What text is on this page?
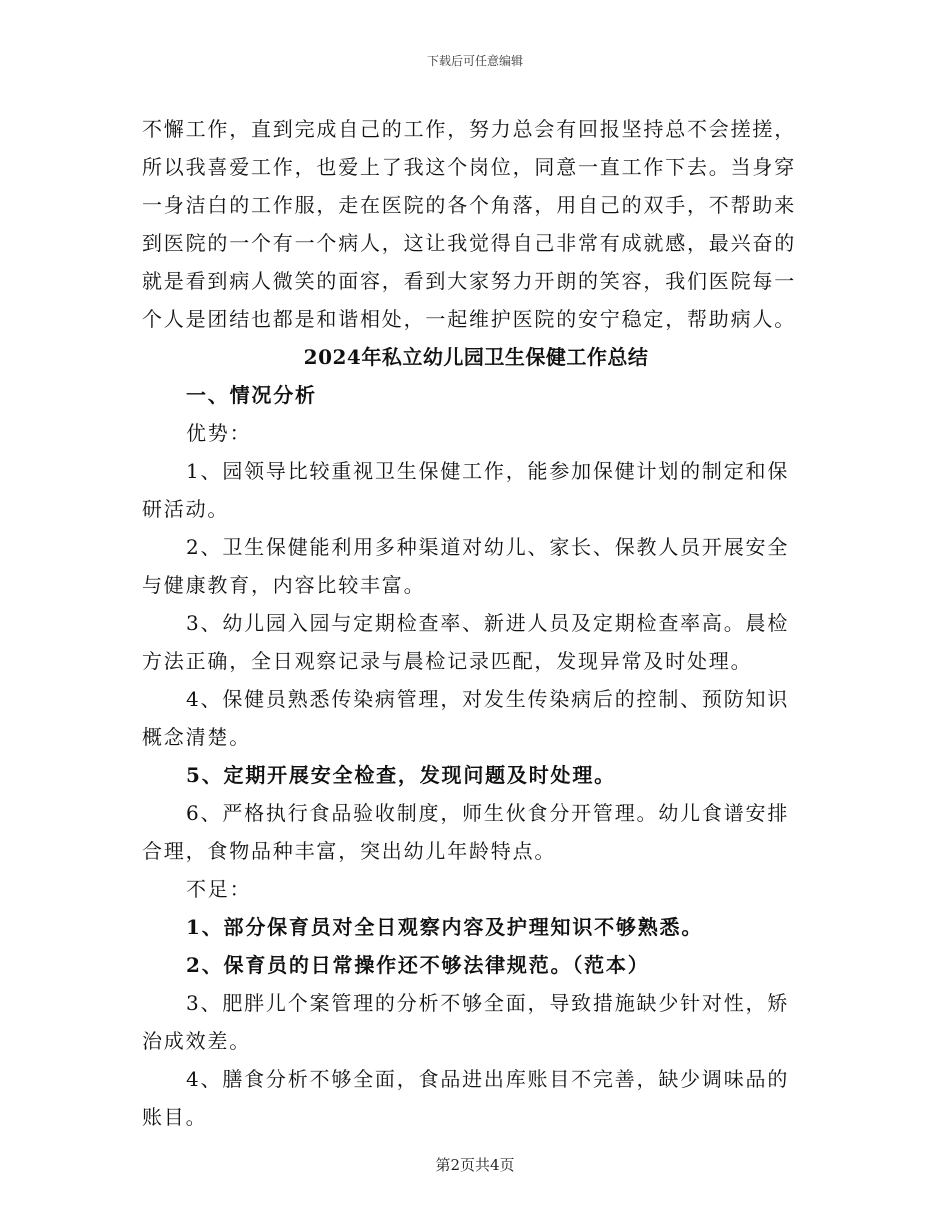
下载后可任意编辑

不懈工作，直到完成自己的工作，努力总会有回报坚持总不会搓搓，所以我喜爱工作，也爱上了我这个岗位，同意一直工作下去。当身穿一身洁白的工作服，走在医院的各个角落，用自己的双手，不帮助来到医院的一个有一个病人，这让我觉得自己非常有成就感，最兴奋的就是看到病人微笑的面容，看到大家努力开朗的笑容，我们医院每一个人是团结也都是和谐相处，一起维护医院的安宁稳定，帮助病人。

2024年私立幼儿园卫生保健工作总结

一、情况分析

优势：

1、园领导比较重视卫生保健工作，能参加保健计划的制定和保研活动。

2、卫生保健能利用多种渠道对幼儿、家长、保教人员开展安全与健康教育，内容比较丰富。

3、幼儿园入园与定期检查率、新进人员及定期检查率高。晨检方法正确，全日观察记录与晨检记录匹配，发现异常及时处理。

4、保健员熟悉传染病管理，对发生传染病后的控制、预防知识概念清楚。

5、定期开展安全检查，发现问题及时处理。

6、严格执行食品验收制度，师生伙食分开管理。幼儿食谱安排合理，食物品种丰富，突出幼儿年龄特点。

不足：

1、部分保育员对全日观察内容及护理知识不够熟悉。

2、保育员的日常操作还不够法律规范。（范本）

3、肥胖儿个案管理的分析不够全面，导致措施缺少针对性，矫治成效差。

4、膳食分析不够全面，食品进出库账目不完善，缺少调味品的账目。

第2页共4页
